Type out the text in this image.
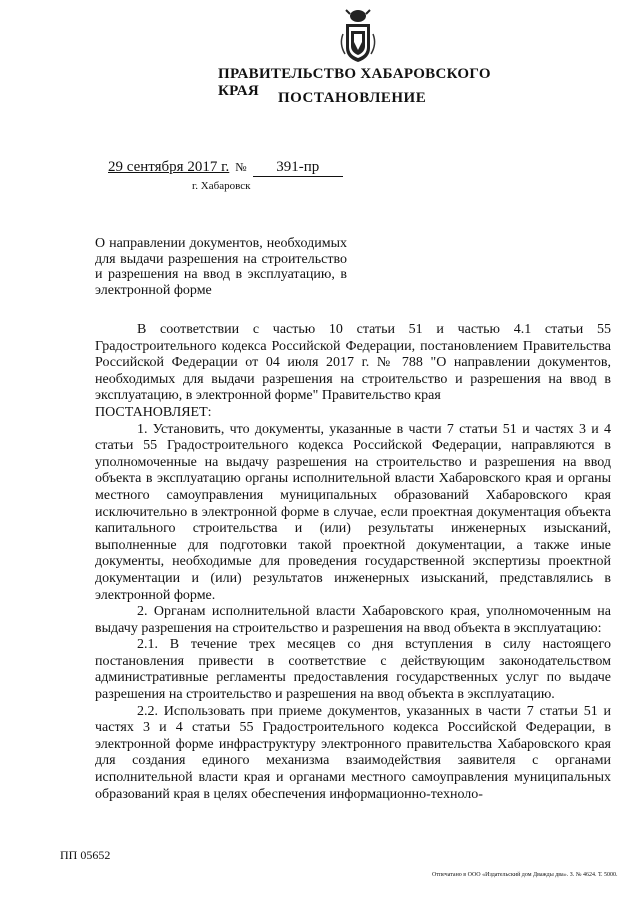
ПРАВИТЕЛЬСТВО ХАБАРОВСКОГО КРАЯ	ПОСТАНОВЛЕНИЕ
29 сентября 2017 г. № 391-пр
г. Хабаровск
О направлении документов, необходимых для выдачи разрешения на строительство и разрешения на ввод в эксплуатацию, в электронной форме

В соответствии с частью 10 статьи 51 и частью 4.1 статьи 55 Градостроительного кодекса Российской Федерации, постановлением Правительства Российской Федерации от 04 июля 2017 г. № 788 "О направлении документов, необходимых для выдачи разрешения на строительство и разрешения на ввод в эксплуатацию, в электронной форме" Правительство края

ПОСТАНОВЛЯЕТ:

1. Установить, что документы, указанные в части 7 статьи 51 и частях 3 и 4 статьи 55 Градостроительного кодекса Российской Федерации, направляются в уполномоченные на выдачу разрешения на строительство и разрешения на ввод объекта в эксплуатацию органы исполнительной власти Хабаровского края и органы местного самоуправления муниципальных образований Хабаровского края исключительно в электронной форме в случае, если проектная документация объекта капитального строительства и (или) результаты инженерных изысканий, выполненные для подготовки такой проектной документации, а также иные документы, необходимые для проведения государственной экспертизы проектной документации и (или) результатов инженерных изысканий, представлялись в электронной форме.

2. Органам исполнительной власти Хабаровского края, уполномоченным на выдачу разрешения на строительство и разрешения на ввод объекта в эксплуатацию:

2.1. В течение трех месяцев со дня вступления в силу настоящего постановления привести в соответствие с действующим законодательством административные регламенты предоставления государственных услуг по выдаче разрешения на строительство и разрешения на ввод объекта в эксплуатацию.

2.2. Использовать при приеме документов, указанных в части 7 статьи 51 и частях 3 и 4 статьи 55 Градостроительного кодекса Российской Федерации, в электронной форме инфраструктуру электронного правительства Хабаровского края для создания единого механизма взаимодействия заявителя с органами исполнительной власти края и органами местного самоуправления муниципальных образований края в целях обеспечения информационно-техноло-

ПП 05652
Отпечатано в ООО «Издательский дом Дважды два». З. № 4624. Т. 5000.
